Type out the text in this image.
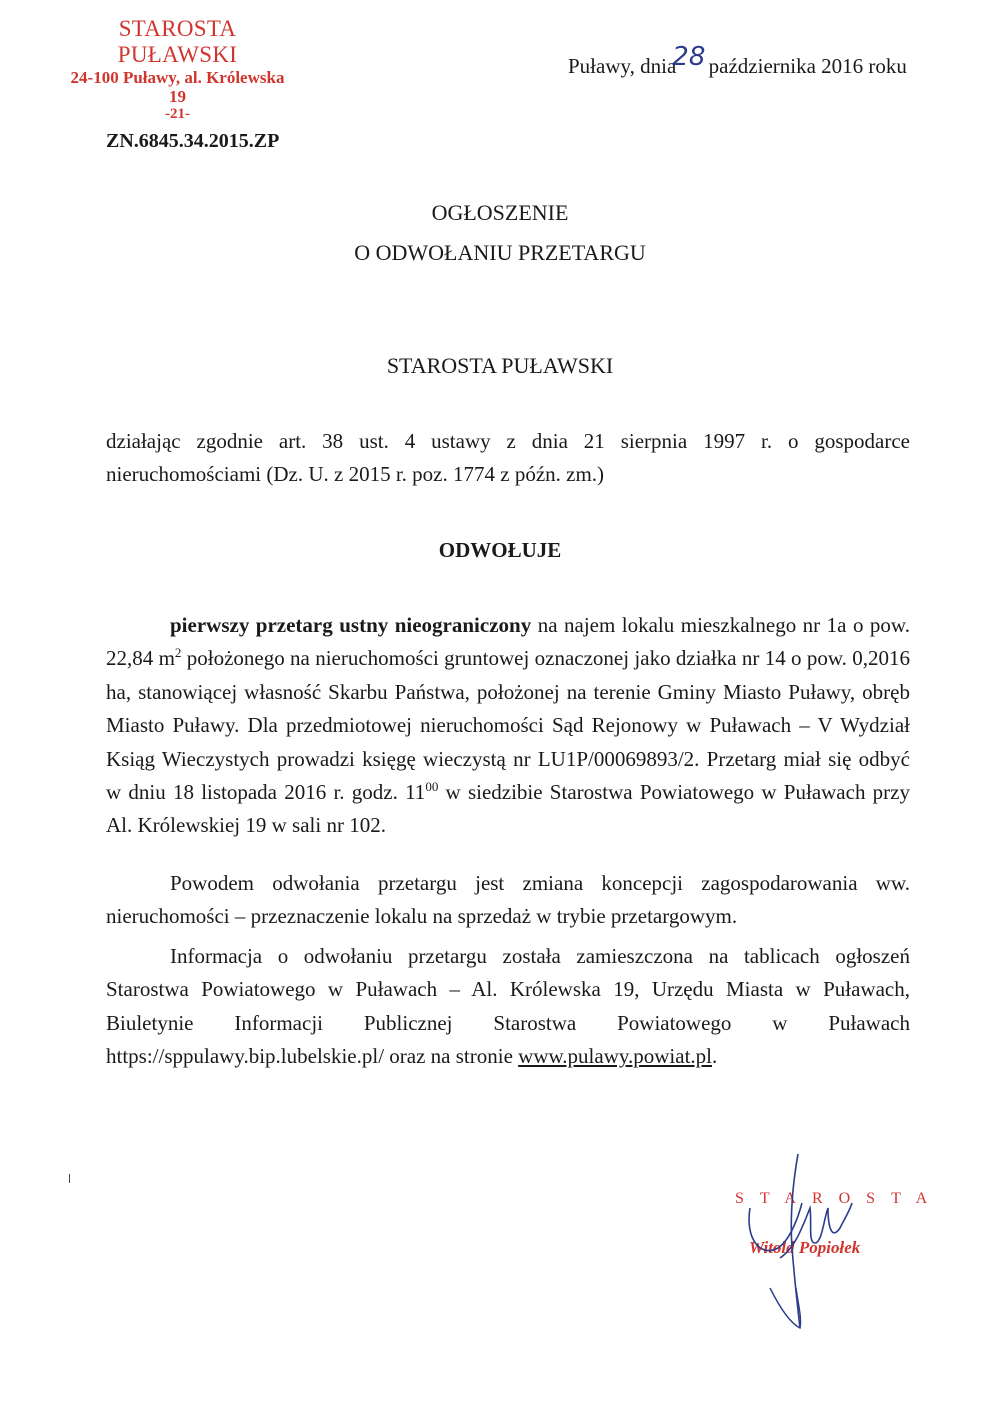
STAROSTA PUŁAWSKI
24-100 Puławy, al. Królewska 19
-21-
Puławy, dnia28 października 2016 roku
ZN.6845.34.2015.ZP
OGŁOSZENIE
O ODWOŁANIU PRZETARGU
STAROSTA PUŁAWSKI
działając zgodnie art. 38 ust. 4 ustawy z dnia 21 sierpnia 1997 r. o gospodarce nieruchomościami (Dz. U. z 2015 r. poz. 1774 z późn. zm.)
ODWOŁUJE
pierwszy przetarg ustny nieograniczony na najem lokalu mieszkalnego nr 1a o pow. 22,84 $m^2$ położonego na nieruchomości gruntowej oznaczonej jako działka nr 14 o pow. 0,2016 ha, stanowiącej własność Skarbu Państwa, położonej na terenie Gminy Miasto Puławy, obręb Miasto Puławy. Dla przedmiotowej nieruchomości Sąd Rejonowy w Puławach – V Wydział Ksiąg Wieczystych prowadzi księgę wieczystą nr LU1P/00069893/2. Przetarg miał się odbyć w dniu 18 listopada 2016 r. godz. $11^{00}$ w siedzibie Starostwa Powiatowego w Puławach przy Al. Królewskiej 19 w sali nr 102.
Powodem odwołania przetargu jest zmiana koncepcji zagospodarowania ww. nieruchomości – przeznaczenie lokalu na sprzedaż w trybie przetargowym.
Informacja o odwołaniu przetargu została zamieszczona na tablicach ogłoszeń Starostwa Powiatowego w Puławach – Al. Królewska 19, Urzędu Miasta w Puławach, Biuletynie Informacji Publicznej Starostwa Powiatowego w Puławach https://sppulawy.bip.lubelskie.pl/ oraz na stronie www.pulawy.powiat.pl.
STAROSTA
Witold Popiołek
